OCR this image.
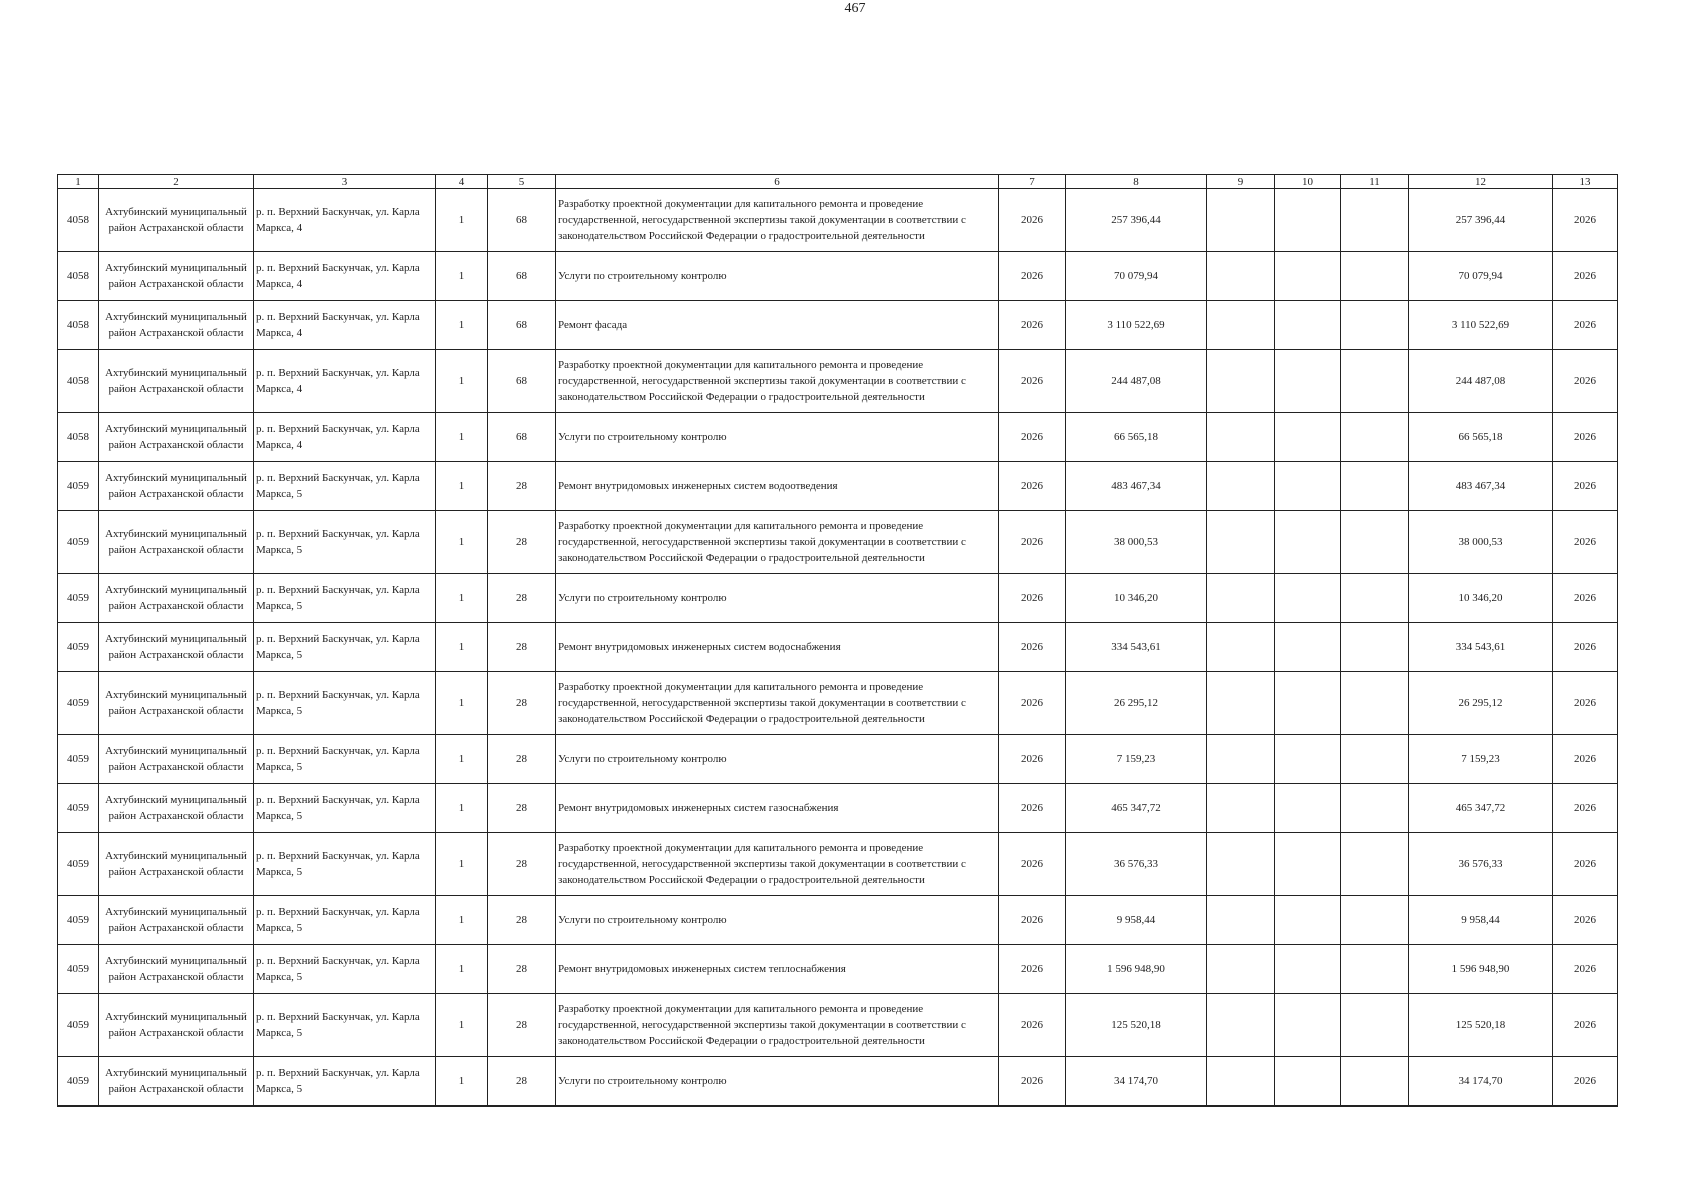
467
1	2	3	4	5	6	7	8	9	10	11	12	13
4058	Ахтубинский муниципальный район Астраханской области	р. п. Верхний Баскунчак, ул. Карла Маркса, 4	1	68	Разработку проектной документации для капитального ремонта и проведение государственной, негосударственной экспертизы такой документации в соответствии с законодательством Российской Федерации о градостроительной деятельности	2026	257 396,44				257 396,44	2026
4058	Ахтубинский муниципальный район Астраханской области	р. п. Верхний Баскунчак, ул. Карла Маркса, 4	1	68	Услуги по строительному контролю	2026	70 079,94				70 079,94	2026
4058	Ахтубинский муниципальный район Астраханской области	р. п. Верхний Баскунчак, ул. Карла Маркса, 4	1	68	Ремонт фасада	2026	3 110 522,69				3 110 522,69	2026
4058	Ахтубинский муниципальный район Астраханской области	р. п. Верхний Баскунчак, ул. Карла Маркса, 4	1	68	Разработку проектной документации для капитального ремонта и проведение государственной, негосударственной экспертизы такой документации в соответствии с законодательством Российской Федерации о градостроительной деятельности	2026	244 487,08				244 487,08	2026
4058	Ахтубинский муниципальный район Астраханской области	р. п. Верхний Баскунчак, ул. Карла Маркса, 4	1	68	Услуги по строительному контролю	2026	66 565,18				66 565,18	2026
4059	Ахтубинский муниципальный район Астраханской области	р. п. Верхний Баскунчак, ул. Карла Маркса, 5	1	28	Ремонт внутридомовых инженерных систем водоотведения	2026	483 467,34				483 467,34	2026
4059	Ахтубинский муниципальный район Астраханской области	р. п. Верхний Баскунчак, ул. Карла Маркса, 5	1	28	Разработку проектной документации для капитального ремонта и проведение государственной, негосударственной экспертизы такой документации в соответствии с законодательством Российской Федерации о градостроительной деятельности	2026	38 000,53				38 000,53	2026
4059	Ахтубинский муниципальный район Астраханской области	р. п. Верхний Баскунчак, ул. Карла Маркса, 5	1	28	Услуги по строительному контролю	2026	10 346,20				10 346,20	2026
4059	Ахтубинский муниципальный район Астраханской области	р. п. Верхний Баскунчак, ул. Карла Маркса, 5	1	28	Ремонт внутридомовых инженерных систем водоснабжения	2026	334 543,61				334 543,61	2026
4059	Ахтубинский муниципальный район Астраханской области	р. п. Верхний Баскунчак, ул. Карла Маркса, 5	1	28	Разработку проектной документации для капитального ремонта и проведение государственной, негосударственной экспертизы такой документации в соответствии с законодательством Российской Федерации о градостроительной деятельности	2026	26 295,12				26 295,12	2026
4059	Ахтубинский муниципальный район Астраханской области	р. п. Верхний Баскунчак, ул. Карла Маркса, 5	1	28	Услуги по строительному контролю	2026	7 159,23				7 159,23	2026
4059	Ахтубинский муниципальный район Астраханской области	р. п. Верхний Баскунчак, ул. Карла Маркса, 5	1	28	Ремонт внутридомовых инженерных систем газоснабжения	2026	465 347,72				465 347,72	2026
4059	Ахтубинский муниципальный район Астраханской области	р. п. Верхний Баскунчак, ул. Карла Маркса, 5	1	28	Разработку проектной документации для капитального ремонта и проведение государственной, негосударственной экспертизы такой документации в соответствии с законодательством Российской Федерации о градостроительной деятельности	2026	36 576,33				36 576,33	2026
4059	Ахтубинский муниципальный район Астраханской области	р. п. Верхний Баскунчак, ул. Карла Маркса, 5	1	28	Услуги по строительному контролю	2026	9 958,44				9 958,44	2026
4059	Ахтубинский муниципальный район Астраханской области	р. п. Верхний Баскунчак, ул. Карла Маркса, 5	1	28	Ремонт внутридомовых инженерных систем теплоснабжения	2026	1 596 948,90				1 596 948,90	2026
4059	Ахтубинский муниципальный район Астраханской области	р. п. Верхний Баскунчак, ул. Карла Маркса, 5	1	28	Разработку проектной документации для капитального ремонта и проведение государственной, негосударственной экспертизы такой документации в соответствии с законодательством Российской Федерации о градостроительной деятельности	2026	125 520,18				125 520,18	2026
4059	Ахтубинский муниципальный район Астраханской области	р. п. Верхний Баскунчак, ул. Карла Маркса, 5	1	28	Услуги по строительному контролю	2026	34 174,70				34 174,70	2026
